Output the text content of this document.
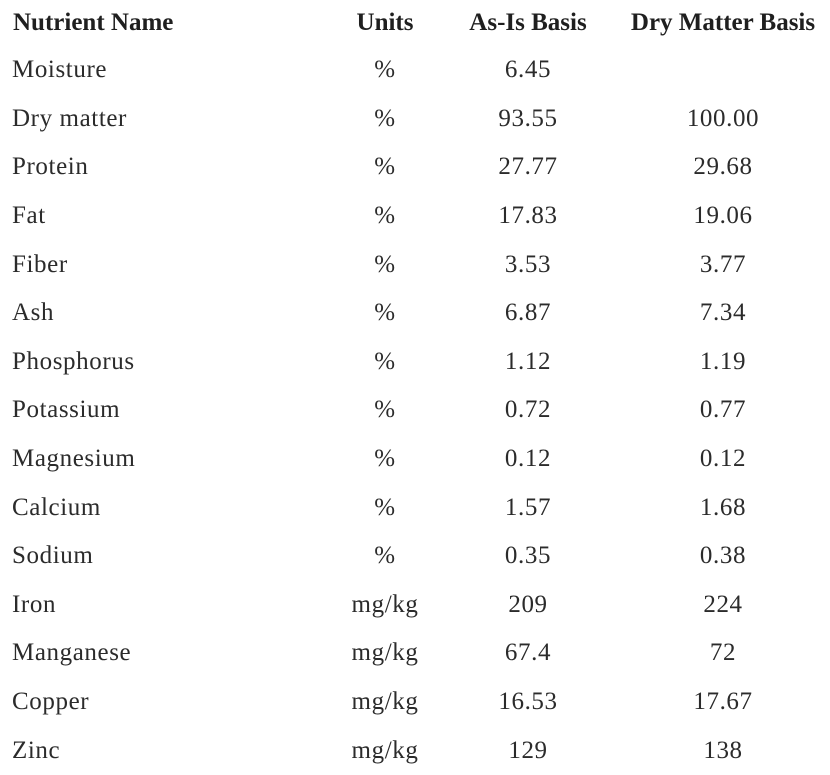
Nutrient Name	Units	As-Is Basis	Dry Matter Basis
Moisture	%	6.45	
Dry matter	%	93.55	100.00
Protein	%	27.77	29.68
Fat	%	17.83	19.06
Fiber	%	3.53	3.77
Ash	%	6.87	7.34
Phosphorus	%	1.12	1.19
Potassium	%	0.72	0.77
Magnesium	%	0.12	0.12
Calcium	%	1.57	1.68
Sodium	%	0.35	0.38
Iron	mg/kg	209	224
Manganese	mg/kg	67.4	72
Copper	mg/kg	16.53	17.67
Zinc	mg/kg	129	138
